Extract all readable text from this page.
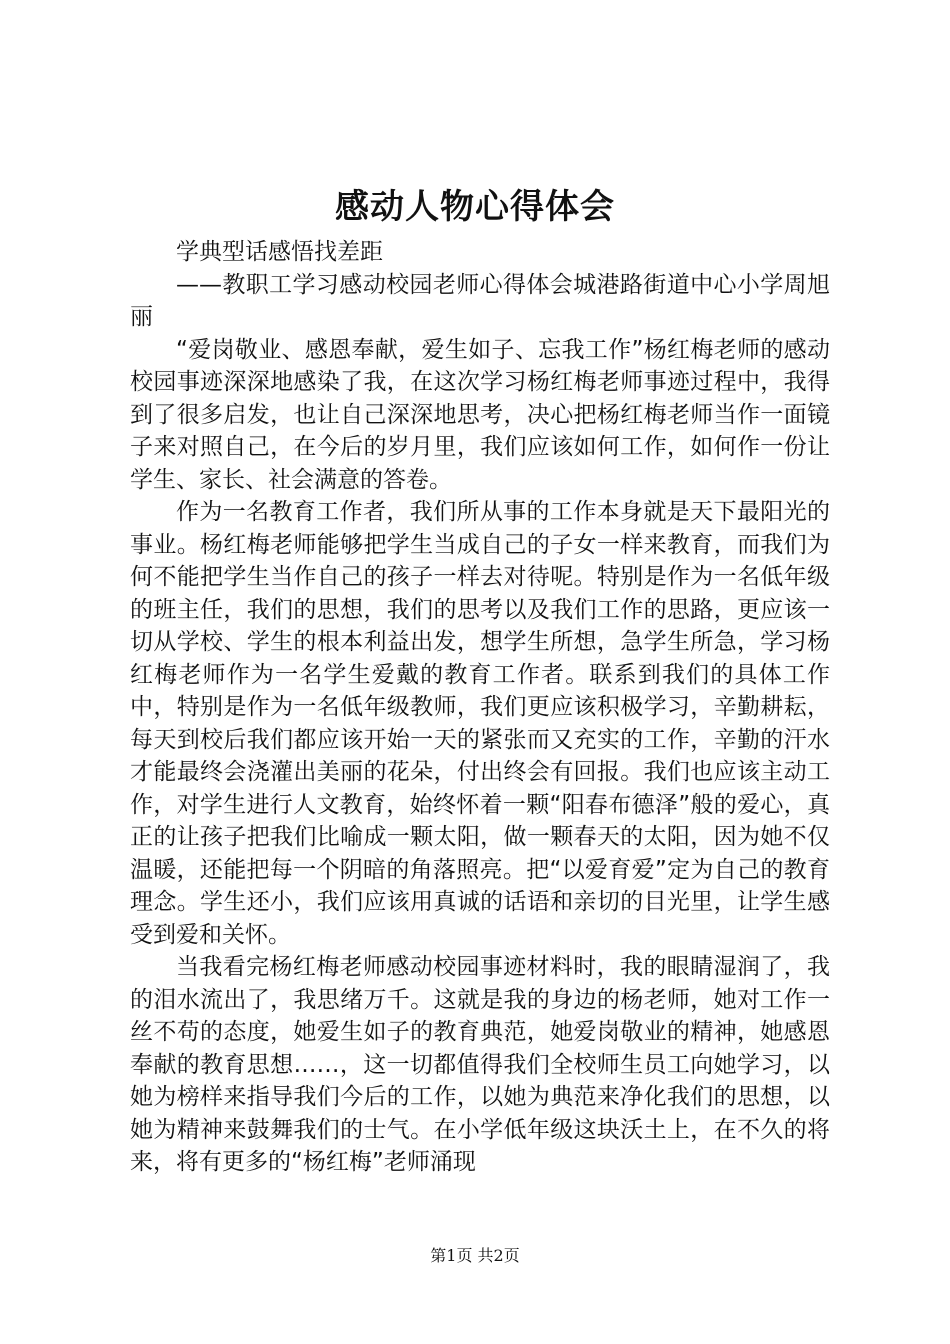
感动人物心得体会

学典型话感悟找差距

——教职工学习感动校园老师心得体会城港路街道中心小学周旭丽

“爱岗敬业、感恩奉献，爱生如子、忘我工作”杨红梅老师的感动校园事迹深深地感染了我，在这次学习杨红梅老师事迹过程中，我得到了很多启发，也让自己深深地思考，决心把杨红梅老师当作一面镜子来对照自己，在今后的岁月里，我们应该如何工作，如何作一份让学生、家长、社会满意的答卷。

作为一名教育工作者，我们所从事的工作本身就是天下最阳光的事业。杨红梅老师能够把学生当成自己的子女一样来教育，而我们为何不能把学生当作自己的孩子一样去对待呢。特别是作为一名低年级的班主任，我们的思想，我们的思考以及我们工作的思路，更应该一切从学校、学生的根本利益出发，想学生所想，急学生所急，学习杨红梅老师作为一名学生爱戴的教育工作者。联系到我们的具体工作中，特别是作为一名低年级教师，我们更应该积极学习，辛勤耕耘，每天到校后我们都应该开始一天的紧张而又充实的工作，辛勤的汗水才能最终会浇灌出美丽的花朵，付出终会有回报。我们也应该主动工作，对学生进行人文教育，始终怀着一颗“阳春布德泽”般的爱心，真正的让孩子把我们比喻成一颗太阳，做一颗春天的太阳，因为她不仅温暖，还能把每一个阴暗的角落照亮。把“以爱育爱”定为自己的教育理念。学生还小，我们应该用真诚的话语和亲切的目光里，让学生感受到爱和关怀。

当我看完杨红梅老师感动校园事迹材料时，我的眼睛湿润了，我的泪水流出了，我思绪万千。这就是我的身边的杨老师，她对工作一丝不苟的态度，她爱生如子的教育典范，她爱岗敬业的精神，她感恩奉献的教育思想……，这一切都值得我们全校师生员工向她学习，以她为榜样来指导我们今后的工作，以她为典范来净化我们的思想，以她为精神来鼓舞我们的士气。在小学低年级这块沃土上，在不久的将来，将有更多的“杨红梅”老师涌现

第1页 共2页
